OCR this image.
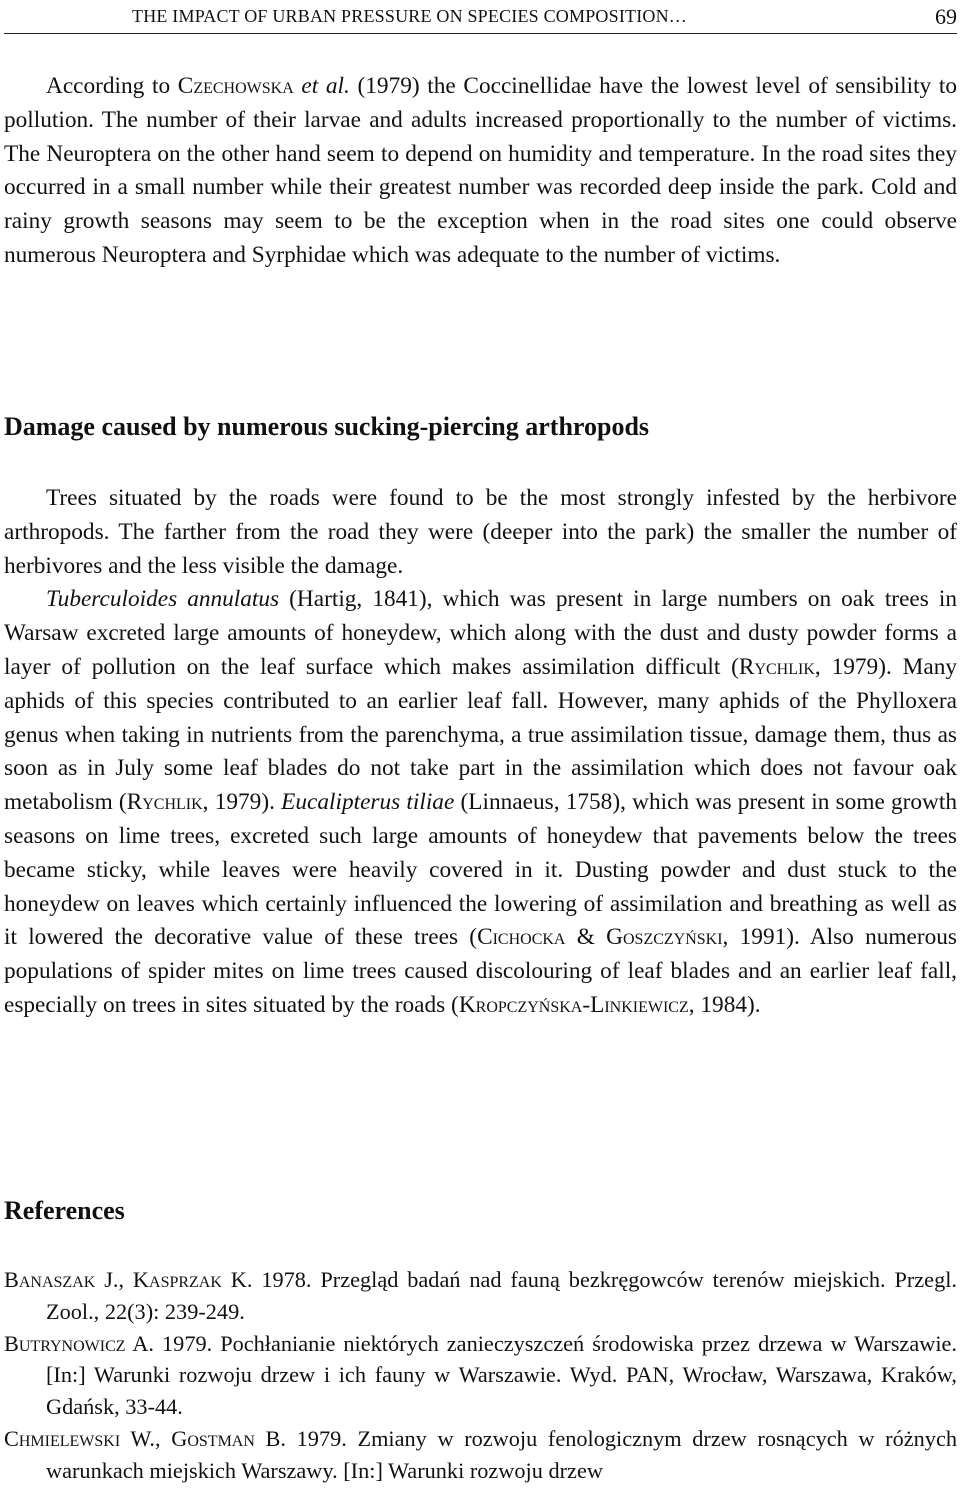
THE IMPACT OF URBAN PRESSURE ON SPECIES COMPOSITION…	69

According to Czechowska et al. (1979) the Coccinellidae have the lowest level of sensibility to pollution. The number of their larvae and adults increased proportionally to the number of victims. The Neuroptera on the other hand seem to depend on humidity and temperature. In the road sites they occurred in a small number while their greatest number was recorded deep inside the park. Cold and rainy growth seasons may seem to be the exception when in the road sites one could observe numerous Neuroptera and Syrphidae which was adequate to the number of victims.

Damage caused by numerous sucking-piercing arthropods

Trees situated by the roads were found to be the most strongly infested by the herbivore arthropods. The farther from the road they were (deeper into the park) the smaller the number of herbivores and the less visible the damage.

Tuberculoides annulatus (Hartig, 1841), which was present in large numbers on oak trees in Warsaw excreted large amounts of honeydew, which along with the dust and dusty powder forms a layer of pollution on the leaf surface which makes assimilation difficult (Rychlik, 1979). Many aphids of this species contributed to an earlier leaf fall. However, many aphids of the Phylloxera genus when taking in nutrients from the parenchyma, a true assimilation tissue, damage them, thus as soon as in July some leaf blades do not take part in the assimilation which does not favour oak metabolism (Rychlik, 1979). Eucalipterus tiliae (Linnaeus, 1758), which was present in some growth seasons on lime trees, excreted such large amounts of honeydew that pavements below the trees became sticky, while leaves were heavily covered in it. Dusting powder and dust stuck to the honeydew on leaves which certainly influenced the lowering of assimilation and breathing as well as it lowered the decorative value of these trees (Cichocka & Goszczyński, 1991). Also numerous populations of spider mites on lime trees caused discolouring of leaf blades and an earlier leaf fall, especially on trees in sites situated by the roads (Kropczyńska-Linkiewicz, 1984).

References

Banaszak J., Kasprzak K. 1978. Przegląd badań nad fauną bezkręgowców terenów miejskich. Przegl. Zool., 22(3): 239-249.

Butrynowicz A. 1979. Pochłanianie niektórych zanieczyszczeń środowiska przez drzewa w Warszawie. [In:] Warunki rozwoju drzew i ich fauny w Warszawie. Wyd. PAN, Wrocław, Warszawa, Kraków, Gdańsk, 33-44.

Chmielewski W., Gostman B. 1979. Zmiany w rozwoju fenologicznym drzew rosnących w różnych warunkach miejskich Warszawy. [In:] Warunki rozwoju drzew
